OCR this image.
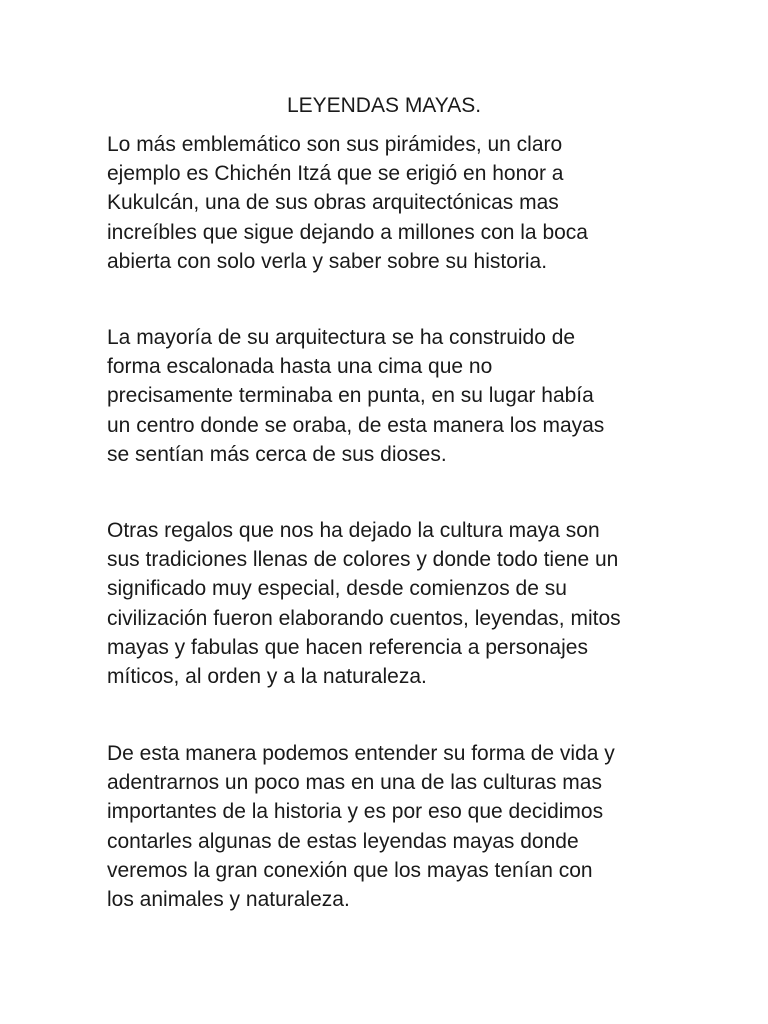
LEYENDAS MAYAS.

Lo más emblemático son sus pirámides, un claro
ejemplo es Chichén Itzá que se erigió en honor a
Kukulcán, una de sus obras arquitectónicas mas
increíbles que sigue dejando a millones con la boca
abierta con solo verla y saber sobre su historia.

La mayoría de su arquitectura se ha construido de
forma escalonada hasta una cima que no
precisamente terminaba en punta, en su lugar había
un centro donde se oraba, de esta manera los mayas
se sentían más cerca de sus dioses.

Otras regalos que nos ha dejado la cultura maya son
sus tradiciones llenas de colores y donde todo tiene un
significado muy especial, desde comienzos de su
civilización fueron elaborando cuentos, leyendas, mitos
mayas y fabulas que hacen referencia a personajes
míticos, al orden y a la naturaleza.

De esta manera podemos entender su forma de vida y
adentrarnos un poco mas en una de las culturas mas
importantes de la historia y es por eso que decidimos
contarles algunas de estas leyendas mayas donde
veremos la gran conexión que los mayas tenían con
los animales y naturaleza.
